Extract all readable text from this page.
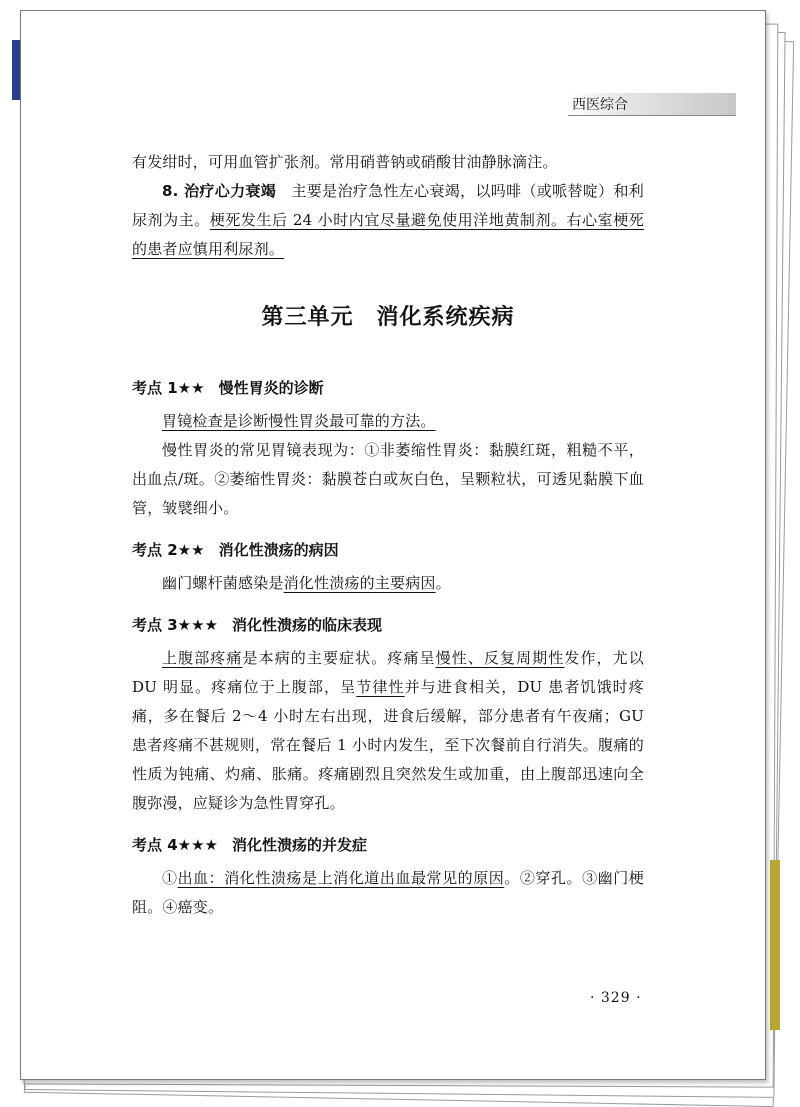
西医综合

有发绀时，可用血管扩张剂。常用硝普钠或硝酸甘油静脉滴注。

8. 治疗心力衰竭　主要是治疗急性左心衰竭，以吗啡（或哌替啶）和利尿剂为主。梗死发生后 24 小时内宜尽量避免使用洋地黄制剂。右心室梗死的患者应慎用利尿剂。

第三单元　消化系统疾病
考点 1★★ 慢性胃炎的诊断

胃镜检查是诊断慢性胃炎最可靠的方法。

慢性胃炎的常见胃镜表现为：①非萎缩性胃炎：黏膜红斑，粗糙不平，出血点/斑。②萎缩性胃炎：黏膜苍白或灰白色，呈颗粒状，可透见黏膜下血管，皱襞细小。

考点 2★★ 消化性溃疡的病因

幽门螺杆菌感染是消化性溃疡的主要病因。

考点 3★★★ 消化性溃疡的临床表现

上腹部疼痛是本病的主要症状。疼痛呈慢性、反复周期性发作，尤以 DU 明显。疼痛位于上腹部，呈节律性并与进食相关，DU 患者饥饿时疼痛，多在餐后 2～4 小时左右出现，进食后缓解，部分患者有午夜痛；GU 患者疼痛不甚规则，常在餐后 1 小时内发生，至下次餐前自行消失。腹痛的性质为钝痛、灼痛、胀痛。疼痛剧烈且突然发生或加重，由上腹部迅速向全腹弥漫，应疑诊为急性胃穿孔。

考点 4★★★ 消化性溃疡的并发症

①出血：消化性溃疡是上消化道出血最常见的原因。②穿孔。③幽门梗阻。④癌变。

· 329 ·
